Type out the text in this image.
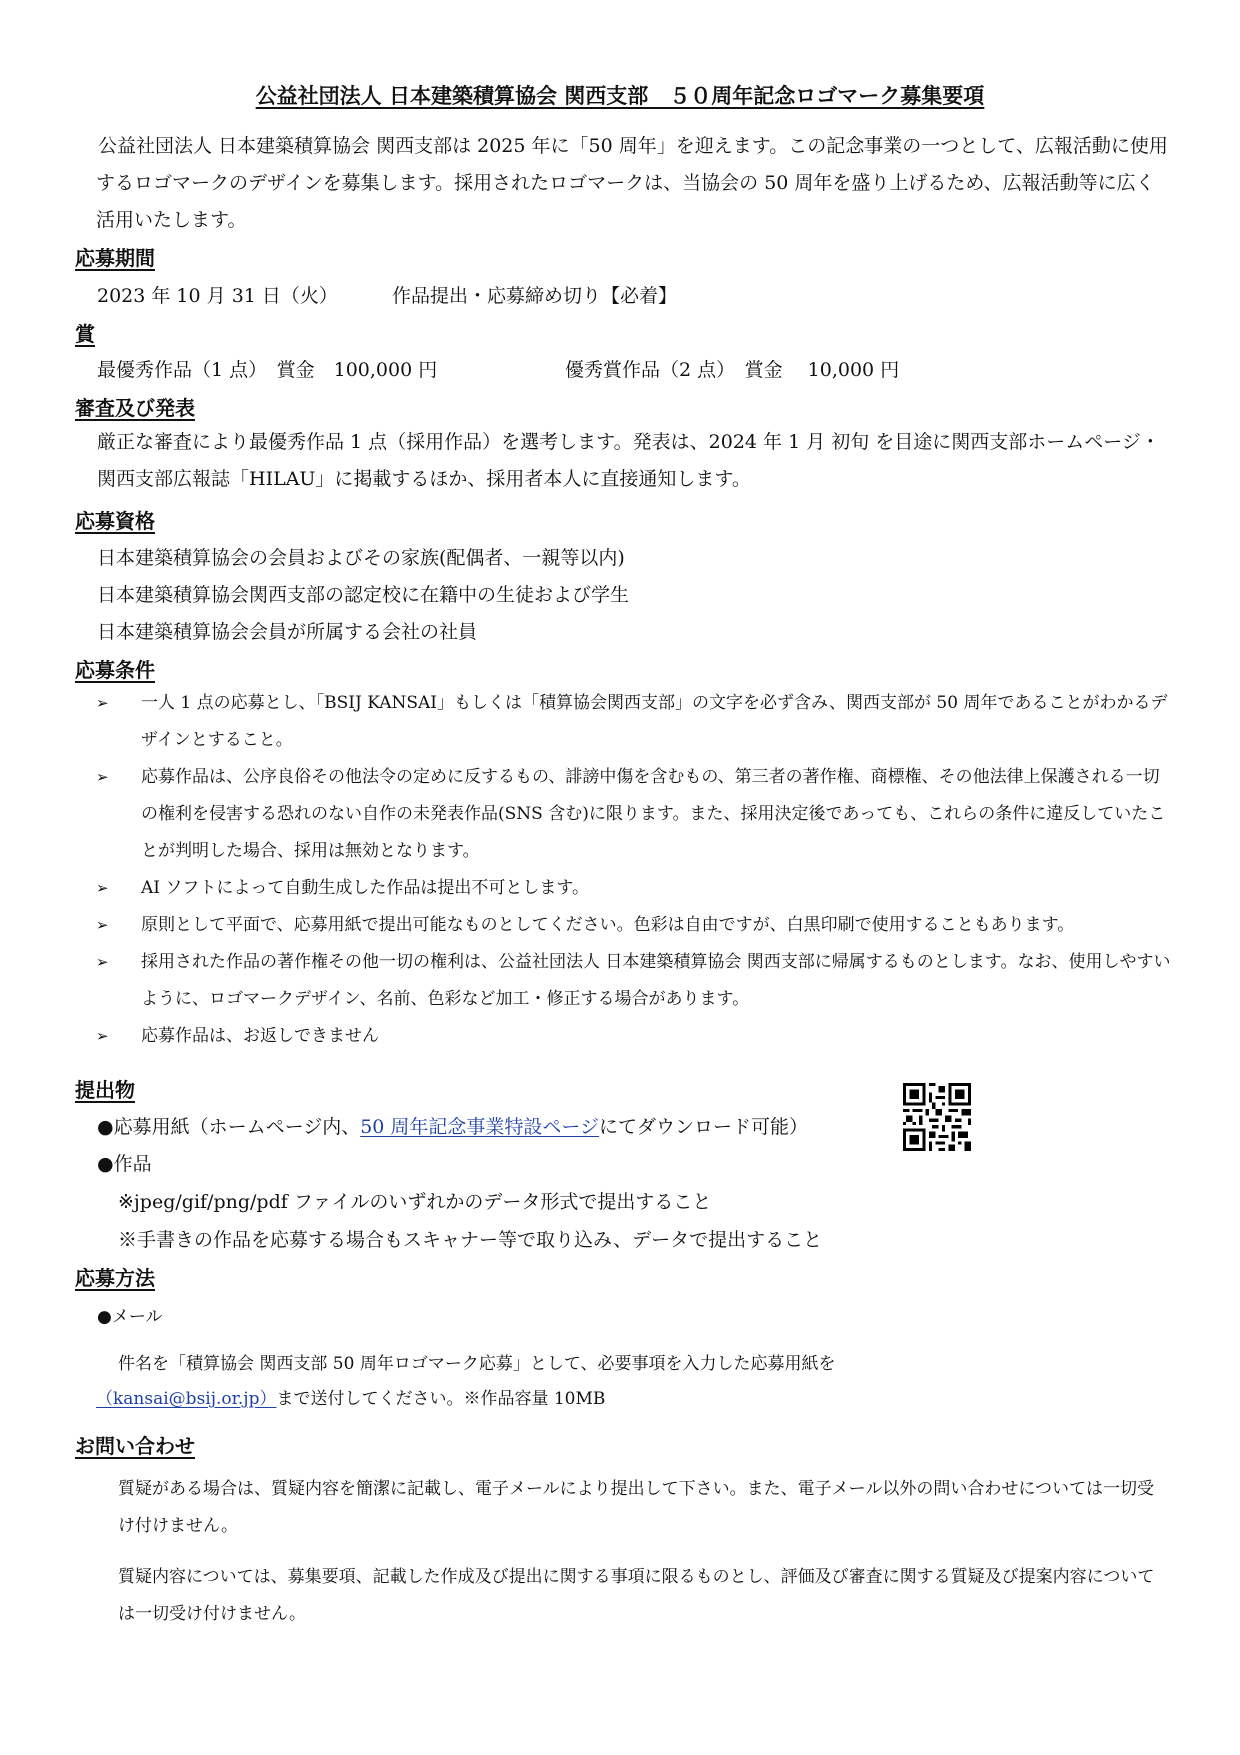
公益社団法人 日本建築積算協会 関西支部　５０周年記念ロゴマーク募集要項
公益社団法人 日本建築積算協会 関西支部は 2025 年に「50 周年」を迎えます。この記念事業の一つとして、広報活動に使用するロゴマークのデザインを募集します。採用されたロゴマークは、当協会の 50 周年を盛り上げるため、広報活動等に広く活用いたします。
応募期間
2023 年 10 月 31 日（火）	作品提出・応募締め切り【必着】
賞
最優秀作品（1 点）　賞金　100,000 円	優秀賞作品（2 点）　賞金　 10,000 円
審査及び発表
厳正な審査により最優秀作品 1 点（採用作品）を選考します。発表は、2024 年 1 月 初旬 を目途に関西支部ホームページ・関西支部広報誌「HILAU」に掲載するほか、採用者本人に直接通知します。
応募資格
日本建築積算協会の会員およびその家族(配偶者、一親等以内)
日本建築積算協会関西支部の認定校に在籍中の生徒および学生
日本建築積算協会会員が所属する会社の社員
応募条件
➢ 一人 1 点の応募とし、「BSIJ KANSAI」もしくは「積算協会関西支部」の文字を必ず含み、関西支部が 50 周年であることがわかるデザインとすること。
➢ 応募作品は、公序良俗その他法令の定めに反するもの、誹謗中傷を含むもの、第三者の著作権、商標権、その他法律上保護される一切の権利を侵害する恐れのない自作の未発表作品(SNS 含む)に限ります。また、採用決定後であっても、これらの条件に違反していたことが判明した場合、採用は無効となります。
➢ AI ソフトによって自動生成した作品は提出不可とします。
➢ 原則として平面で、応募用紙で提出可能なものとしてください。色彩は自由ですが、白黒印刷で使用することもあります。
➢ 採用された作品の著作権その他一切の権利は、公益社団法人 日本建築積算協会 関西支部に帰属するものとします。なお、使用しやすいように、ロゴマークデザイン、名前、色彩など加工・修正する場合があります。
➢ 応募作品は、お返しできません
提出物
●応募用紙（ホームページ内、50 周年記念事業特設ページにてダウンロード可能）
●作品
※jpeg/gif/png/pdf ファイルのいずれかのデータ形式で提出すること
※手書きの作品を応募する場合もスキャナー等で取り込み、データで提出すること
応募方法
●メール
件名を「積算協会 関西支部 50 周年ロゴマーク応募」として、必要事項を入力した応募用紙を
（kansai@bsij.or.jp）まで送付してください。※作品容量 10MB
お問い合わせ
質疑がある場合は、質疑内容を簡潔に記載し、電子メールにより提出して下さい。また、電子メール以外の問い合わせについては一切受け付けません。
質疑内容については、募集要項、記載した作成及び提出に関する事項に限るものとし、評価及び審査に関する質疑及び提案内容については一切受け付けません。
